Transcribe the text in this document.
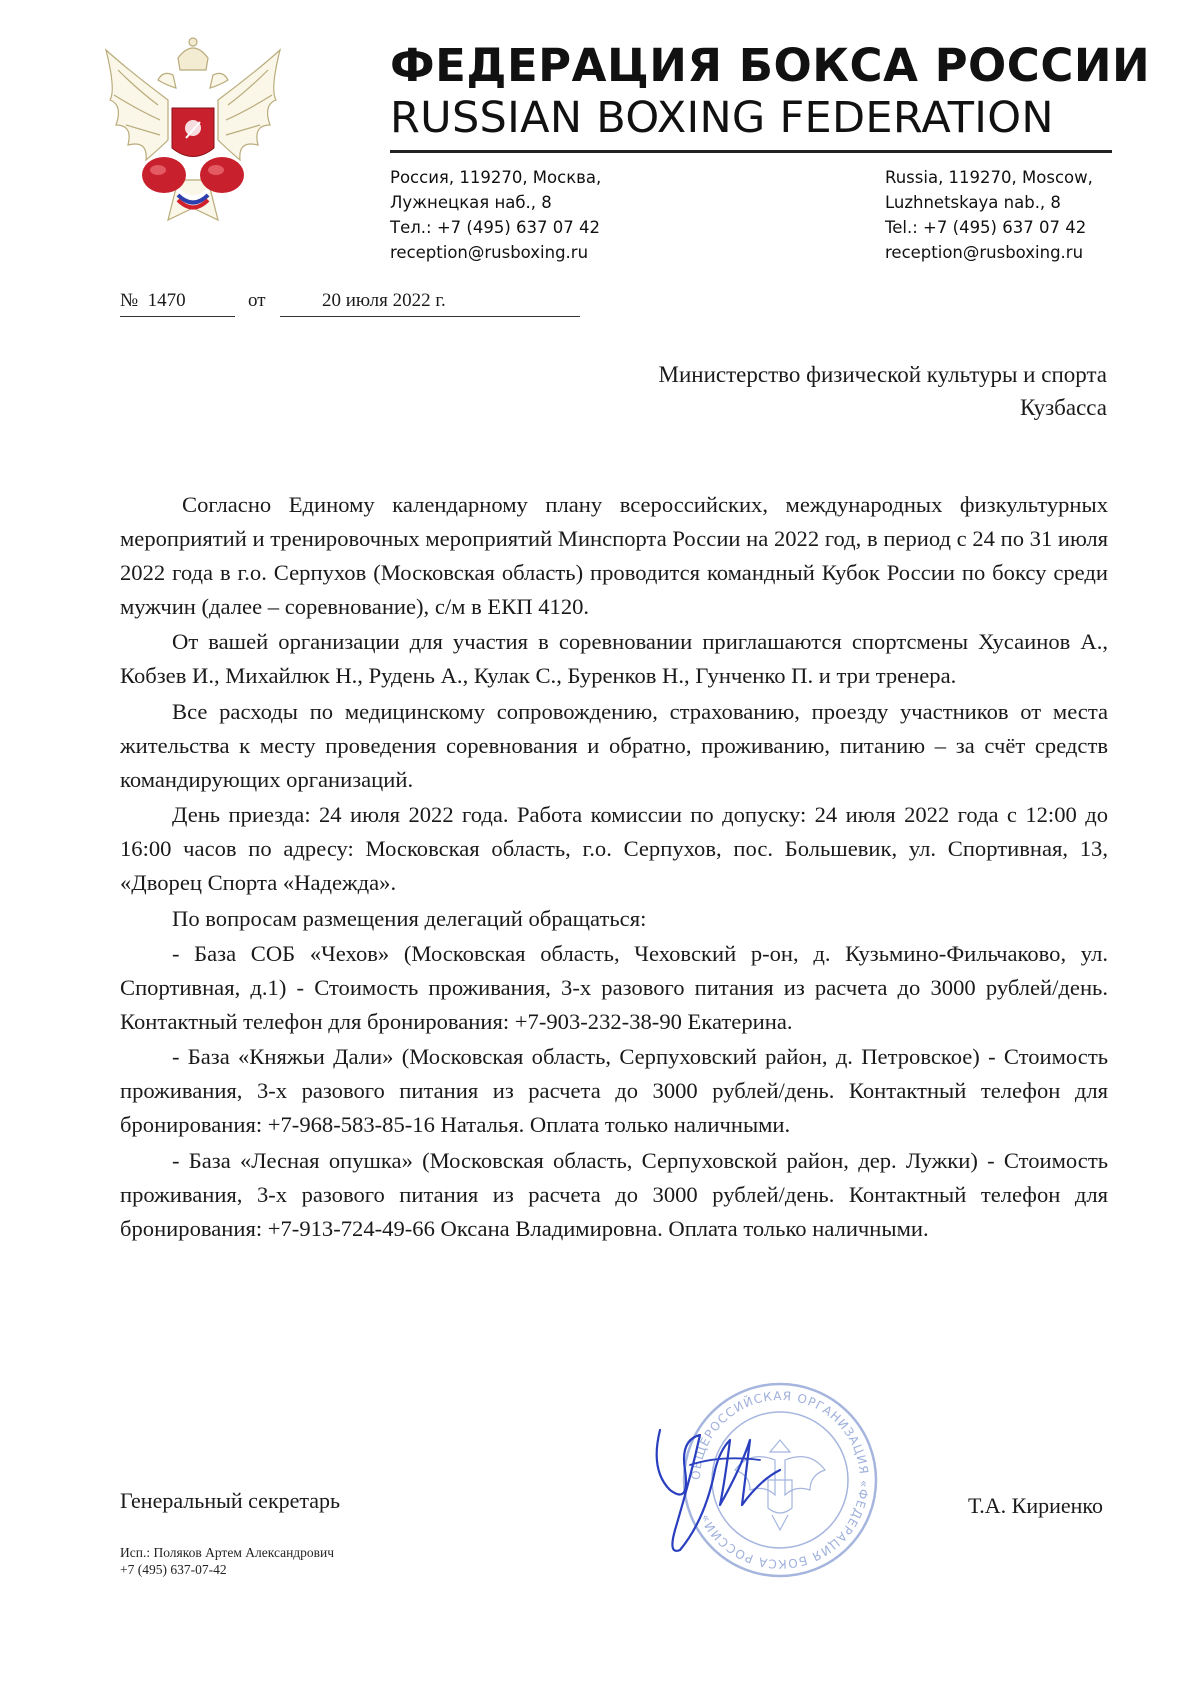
ФЕДЕРАЦИЯ БОКСА РОССИИ
RUSSIAN BOXING FEDERATION
Россия, 119270, Москва,
Лужнецкая наб., 8
Тел.: +7 (495) 637 07 42
reception@rusboxing.ru
Russia, 119270, Moscow,
Luzhnetskaya nab., 8
Tel.: +7 (495) 637 07 42
reception@rusboxing.ru
№ 1470	от	20 июля 2022 г.
Министерство физической культуры и спорта
Кузбасса

Согласно Единому календарному плану всероссийских, международных физкультурных мероприятий и тренировочных мероприятий Минспорта России на 2022 год, в период с 24 по 31 июля 2022 года в г.о. Серпухов (Московская область) проводится командный Кубок России по боксу среди мужчин (далее – соревнование), с/м в ЕКП 4120.

От вашей организации для участия в соревновании приглашаются спортсмены Хусаинов А., Кобзев И., Михайлюк Н., Рудень А., Кулак С., Буренков Н., Гунченко П. и три тренера.

Все расходы по медицинскому сопровождению, страхованию, проезду участников от места жительства к месту проведения соревнования и обратно, проживанию, питанию – за счёт средств командирующих организаций.

День приезда: 24 июля 2022 года. Работа комиссии по допуску: 24 июля 2022 года с 12:00 до 16:00 часов по адресу: Московская область, г.о. Серпухов, пос. Большевик, ул. Спортивная, 13, «Дворец Спорта «Надежда».

По вопросам размещения делегаций обращаться:

- База СОБ «Чехов» (Московская область, Чеховский р-он, д. Кузьмино-Фильчаково, ул. Спортивная, д.1) - Стоимость проживания, 3-х разового питания из расчета до 3000 рублей/день. Контактный телефон для бронирования: +7-903-232-38-90 Екатерина.

- База «Княжьи Дали» (Московская область, Серпуховский район, д. Петровское) - Стоимость проживания, 3-х разового питания из расчета до 3000 рублей/день. Контактный телефон для бронирования: +7-968-583-85-16 Наталья. Оплата только наличными.

- База «Лесная опушка» (Московская область, Серпуховской район, дер. Лужки) - Стоимость проживания, 3-х разового питания из расчета до 3000 рублей/день. Контактный телефон для бронирования: +7-913-724-49-66 Оксана Владимировна. Оплата только наличными.

ОБЩЕРОССИЙСКАЯ ОРГАНИЗАЦИЯ «ФЕДЕРАЦИЯ БОКСА РОССИИ»
Генеральный секретарь	Т.А. Кириенко
Исп.: Поляков Артем Александрович
+7 (495) 637-07-42
